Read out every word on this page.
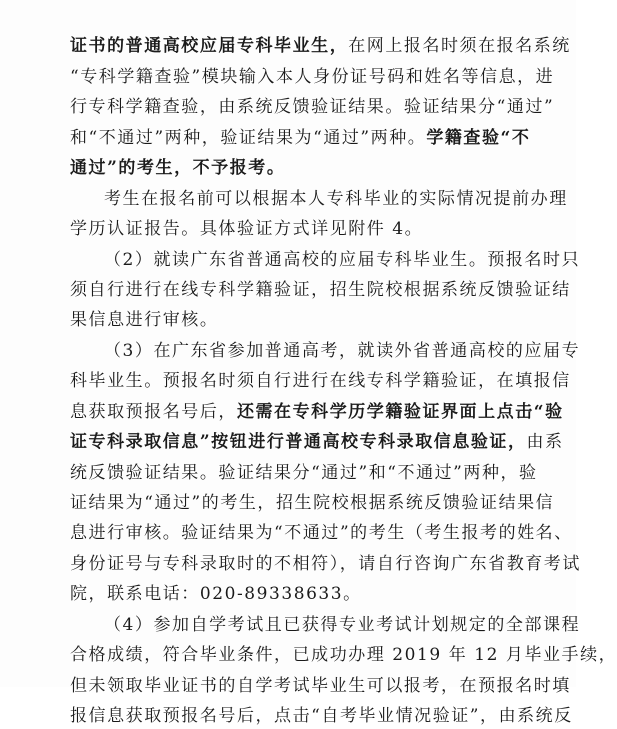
证书的普通高校应届专科毕业生，在网上报名时须在报名系统
“专科学籍查验”模块输入本人身份证号码和姓名等信息，进
行专科学籍查验，由系统反馈验证结果。验证结果分“通过”
和“不通过”两种，验证结果为“通过”两种。学籍查验“不
通过”的考生，不予报考。
考生在报名前可以根据本人专科毕业的实际情况提前办理
学历认证报告。具体验证方式详见附件 4。
（2）就读广东省普通高校的应届专科毕业生。预报名时只
须自行进行在线专科学籍验证，招生院校根据系统反馈验证结
果信息进行审核。
（3）在广东省参加普通高考，就读外省普通高校的应届专
科毕业生。预报名时须自行进行在线专科学籍验证，在填报信
息获取预报名号后，还需在专科学历学籍验证界面上点击“验
证专科录取信息”按钮进行普通高校专科录取信息验证，由系
统反馈验证结果。验证结果分“通过”和“不通过”两种，验
证结果为“通过”的考生，招生院校根据系统反馈验证结果信
息进行审核。验证结果为“不通过”的考生（考生报考的姓名、
身份证号与专科录取时的不相符），请自行咨询广东省教育考试
院，联系电话：020-89338633。
（4）参加自学考试且已获得专业考试计划规定的全部课程
合格成绩，符合毕业条件，已成功办理 2019 年 12 月毕业手续，
但未领取毕业证书的自学考试毕业生可以报考，在预报名时填
报信息获取预报名号后，点击“自考毕业情况验证”，由系统反
